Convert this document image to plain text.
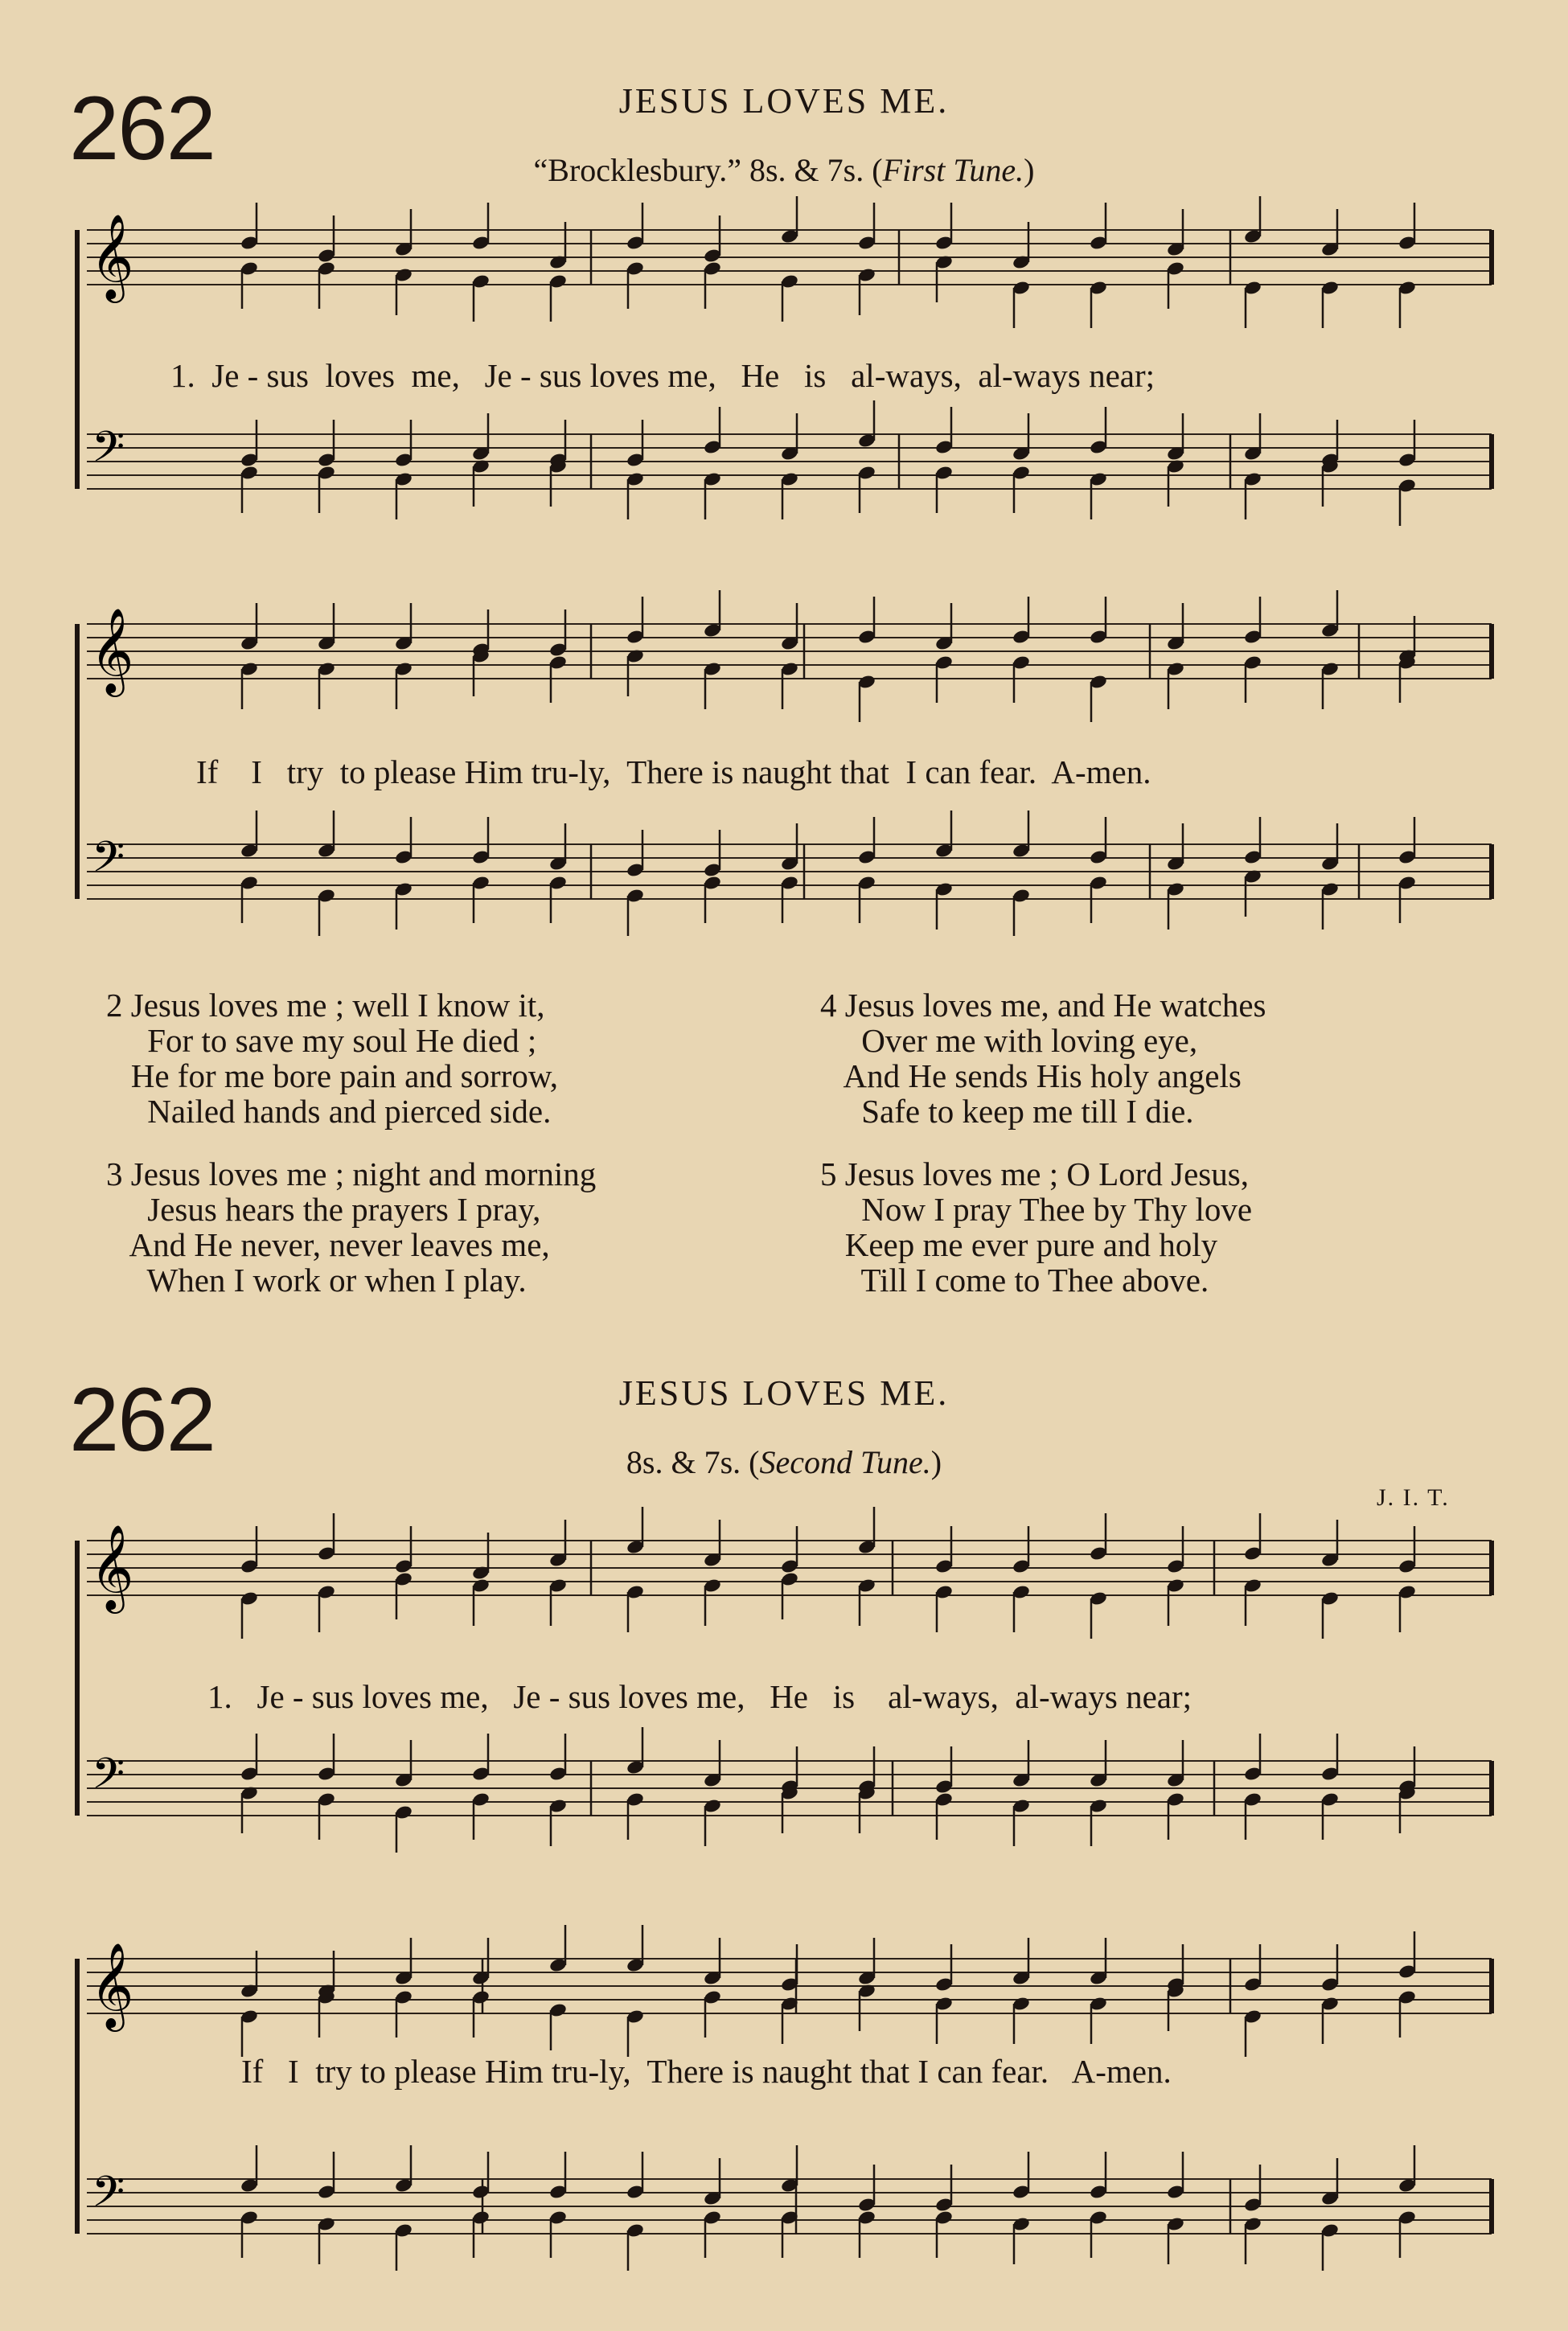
262	JESUS LOVES ME.
“Brocklesbury.” 8s. & 7s. (First Tune.)
𝄞
𝄢
1.  Je - sus  loves  me,   Je - sus loves me,   He   is   al-ways,  al-ways near;
𝄞
𝄢
If    I   try  to please Him tru-ly,  There is naught that  I can fear.  A-men.
2 Jesus loves me ; well I know it,
For to save my soul He died ;
He for me bore pain and sorrow,
Nailed hands and pierced side.
3 Jesus loves me ; night and morning
Jesus hears the prayers I pray,
And He never, never leaves me,
When I work or when I play.
4 Jesus loves me, and He watches
Over me with loving eye,
And He sends His holy angels
Safe to keep me till I die.
5 Jesus loves me ; O Lord Jesus,
Now I pray Thee by Thy love
Keep me ever pure and holy
Till I come to Thee above.
262	JESUS LOVES ME.
8s. & 7s. (Second Tune.)
J. I. T.
𝄞
𝄢
1.   Je - sus loves me,   Je - sus loves me,   He   is    al-ways,  al-ways near;
𝄞
𝄢
If   I  try to please Him tru-ly,  There is naught that I can fear.   A-men.
